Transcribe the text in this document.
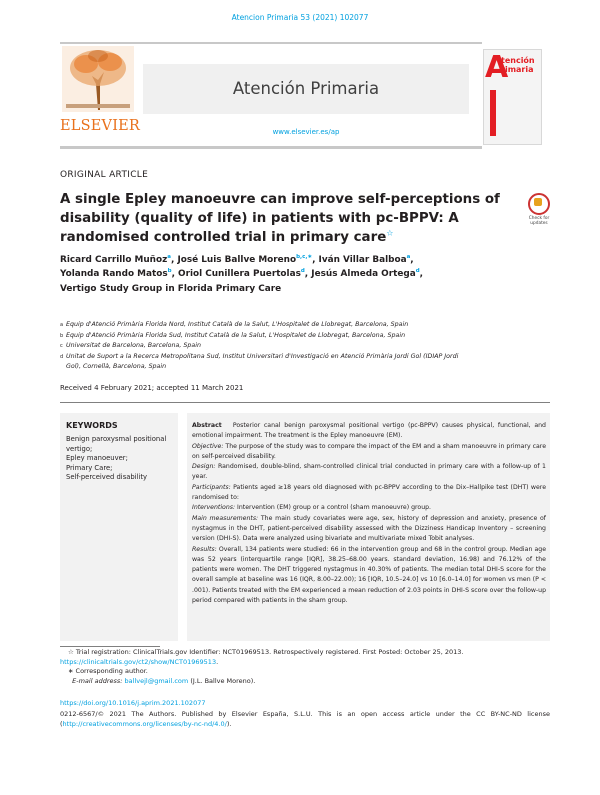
Atencion Primaria 53 (2021) 102077
ELSEVIER
Atención Primaria
www.elsevier.es/ap
A
tención
rimaria
ORIGINAL ARTICLE
A single Epley manoeuvre can improve self-perceptions of disability (quality of life) in patients with pc-BPPV: A randomised controlled trial in primary care☆
Check for updates
Ricard Carrillo Muñoz$^a$, José Luis Ballve Moreno$^{b,c,∗}$, Iván Villar Balboa$^a$,
Yolanda Rando Matos$^b$, Oriol Cunillera Puertolas$^d$, Jesús Almeda Ortega$^d$,
Vertigo Study Group in Florida Primary Care
a Equip d'Atenció Primària Florida Nord, Institut Català de la Salut, L'Hospitalet de Llobregat, Barcelona, Spain
b Equip d'Atenció Primària Florida Sud, Institut Català de la Salut, L'Hospitalet de Llobregat, Barcelona, Spain
c Universitat de Barcelona, Barcelona, Spain
d Unitat de Suport a la Recerca Metropolitana Sud, Institut Universitari d'Investigació en Atenció Primària Jordi Gol (IDIAP Jordi
Gol), Cornellà, Barcelona, Spain
Received 4 February 2021; accepted 11 March 2021
KEYWORDS
Benign paroxysmal positional vertigo;
Epley manoeuver;
Primary Care;
Self-perceived disability

Abstract Posterior canal benign paroxysmal positional vertigo (pc-BPPV) causes physical, functional, and emotional impairment. The treatment is the Epley manoeuvre (EM).

Objective: The purpose of the study was to compare the impact of the EM and a sham manoeuvre in primary care on self-perceived disability.

Design: Randomised, double-blind, sham-controlled clinical trial conducted in primary care with a follow-up of 1 year.

Participants: Patients aged ≥18 years old diagnosed with pc-BPPV according to the Dix–Hallpike test (DHT) were randomised to:

Interventions: Intervention (EM) group or a control (sham manoeuvre) group.

Main measurements: The main study covariates were age, sex, history of depression and anxiety, presence of nystagmus in the DHT, patient-perceived disability assessed with the Dizziness Handicap Inventory – screening version (DHI-S). Data were analyzed using bivariate and multivariate mixed Tobit analyses.

Results: Overall, 134 patients were studied: 66 in the intervention group and 68 in the control group. Median age was 52 years (interquartile range [IQR], 38.25–68.00 years. standard deviation, 16.98) and 76.12% of the patients were women. The DHT triggered nystagmus in 40.30% of patients. The median total DHI-S score for the overall sample at baseline was 16 (IQR, 8.00–22.00); 16 [IQR, 10.5–24.0] vs 10 [6.0–14.0] for women vs men (P < .001). Patients treated with the EM experienced a mean reduction of 2.03 points in DHI-S score over the follow-up period compared with patients in the sham group.

☆ Trial registration: ClinicalTrials.gov Identifier: NCT01969513. Retrospectively registered. First Posted: October 25, 2013.

https://clinicaltrials.gov/ct2/show/NCT01969513.

∗ Corresponding author.

E-mail address: ballvejl@gmail.com (J.L. Ballve Moreno).

https://doi.org/10.1016/j.aprim.2021.102077
0212-6567/© 2021 The Authors. Published by Elsevier España, S.L.U. This is an open access article under the CC BY-NC-ND license (http://creativecommons.org/licenses/by-nc-nd/4.0/).
